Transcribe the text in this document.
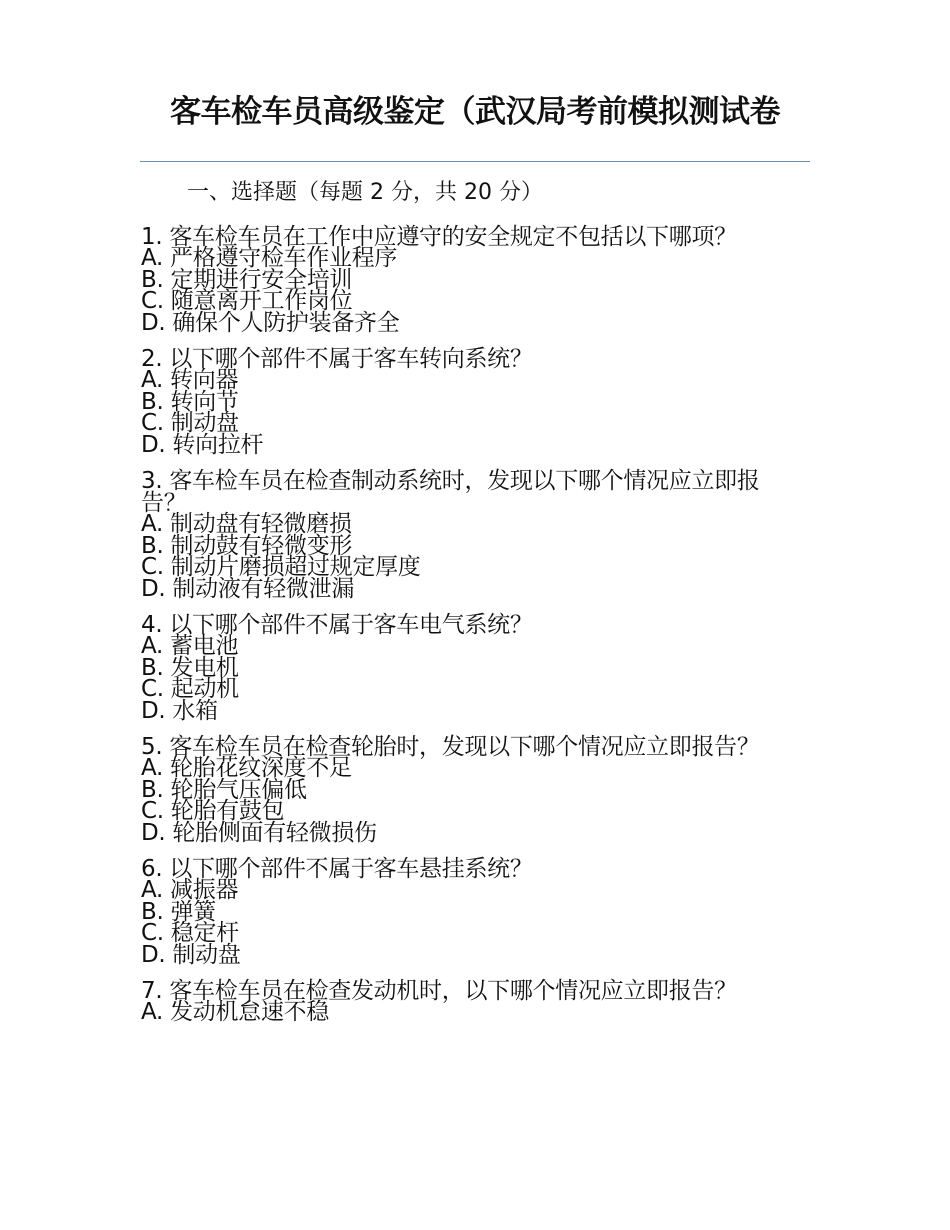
客车检车员高级鉴定（武汉局考前模拟测试卷
一、选择题（每题 2 分，共 20 分）
1. 客车检车员在工作中应遵守的安全规定不包括以下哪项？
A. 严格遵守检车作业程序
B. 定期进行安全培训
C. 随意离开工作岗位
D. 确保个人防护装备齐全
2. 以下哪个部件不属于客车转向系统？
A. 转向器
B. 转向节
C. 制动盘
D. 转向拉杆
3. 客车检车员在检查制动系统时，发现以下哪个情况应立即报告？
A. 制动盘有轻微磨损
B. 制动鼓有轻微变形
C. 制动片磨损超过规定厚度
D. 制动液有轻微泄漏
4. 以下哪个部件不属于客车电气系统？
A. 蓄电池
B. 发电机
C. 起动机
D. 水箱
5. 客车检车员在检查轮胎时，发现以下哪个情况应立即报告？
A. 轮胎花纹深度不足
B. 轮胎气压偏低
C. 轮胎有鼓包
D. 轮胎侧面有轻微损伤
6. 以下哪个部件不属于客车悬挂系统？
A. 减振器
B. 弹簧
C. 稳定杆
D. 制动盘
7. 客车检车员在检查发动机时，以下哪个情况应立即报告？
A. 发动机怠速不稳
